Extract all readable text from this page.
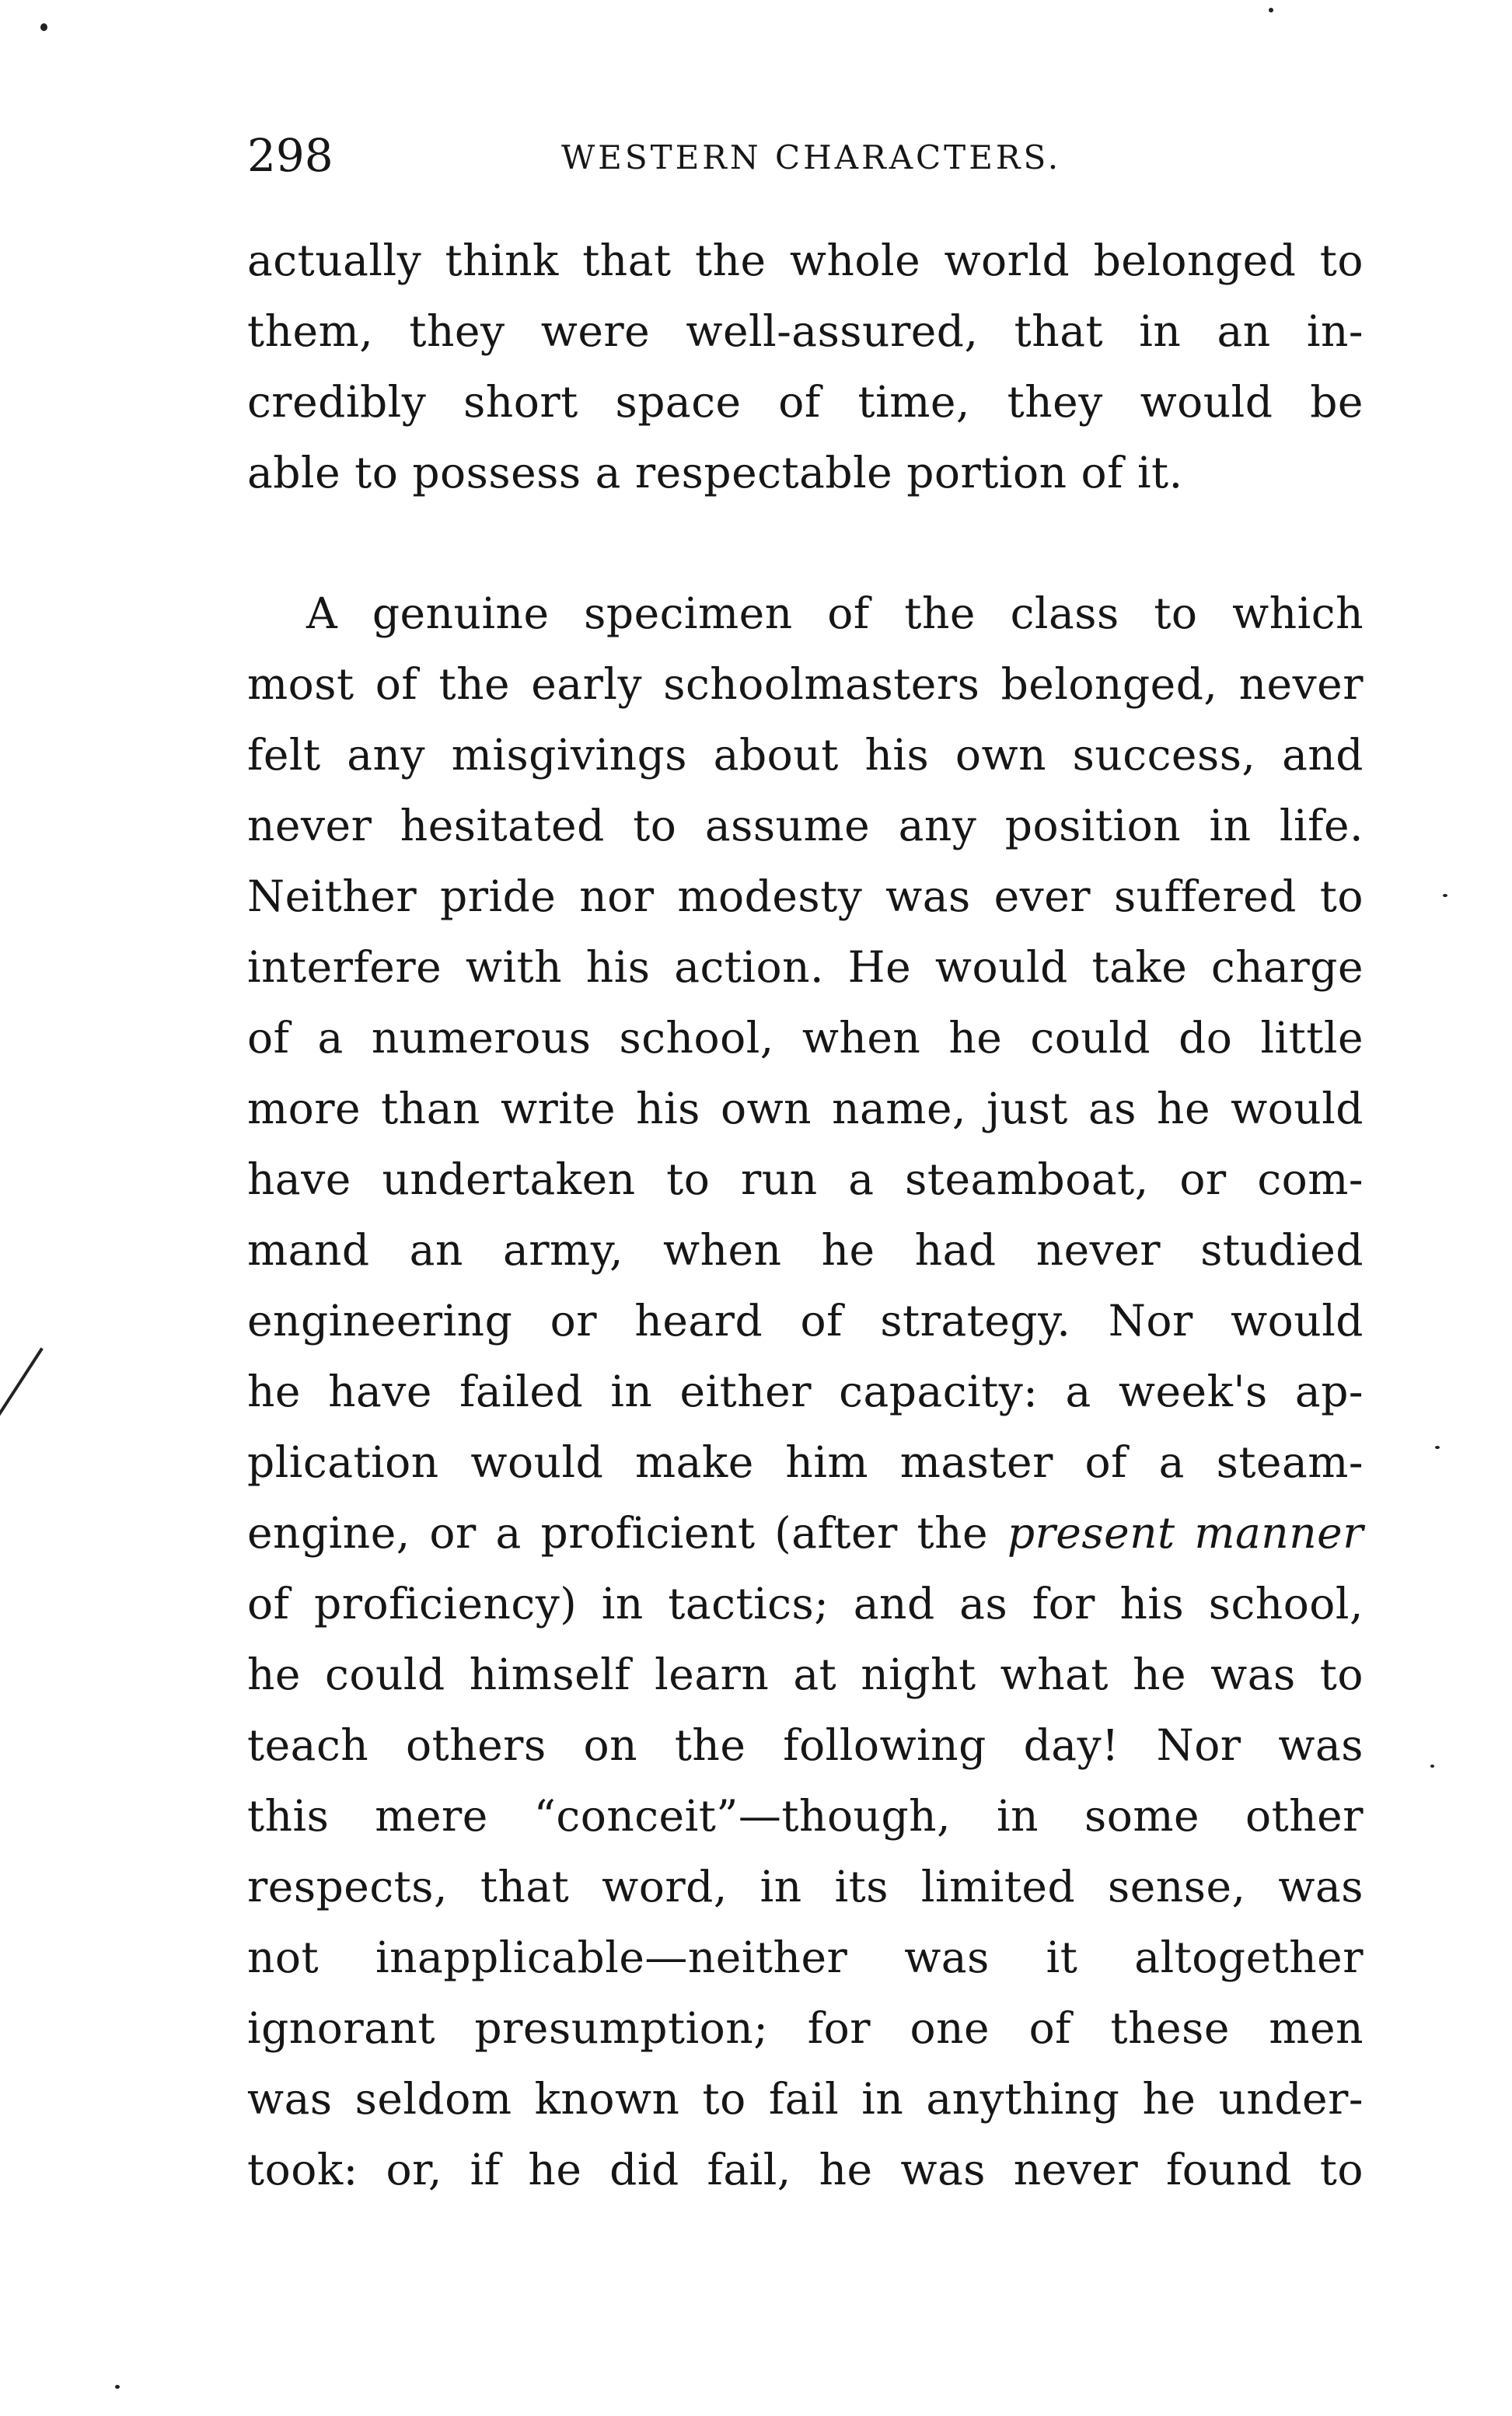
298	WESTERN CHARACTERS.
actually think that the whole world belonged to
them, they were well-assured, that in an in-
credibly short space of time, they would be
able to possess a respectable portion of it.
A genuine specimen of the class to which
most of the early schoolmasters belonged, never
felt any misgivings about his own success, and
never hesitated to assume any position in life.
Neither pride nor modesty was ever suffered to
interfere with his action. He would take charge
of a numerous school, when he could do little
more than write his own name, just as he would
have undertaken to run a steamboat, or com-
mand an army, when he had never studied
engineering or heard of strategy. Nor would
he have failed in either capacity: a week's ap-
plication would make him master of a steam-
engine, or a proficient (after the present manner
of proficiency) in tactics; and as for his school,
he could himself learn at night what he was to
teach others on the following day! Nor was
this mere “conceit”—though, in some other
respects, that word, in its limited sense, was
not inapplicable—neither was it altogether
ignorant presumption; for one of these men
was seldom known to fail in anything he under-
took: or, if he did fail, he was never found to
